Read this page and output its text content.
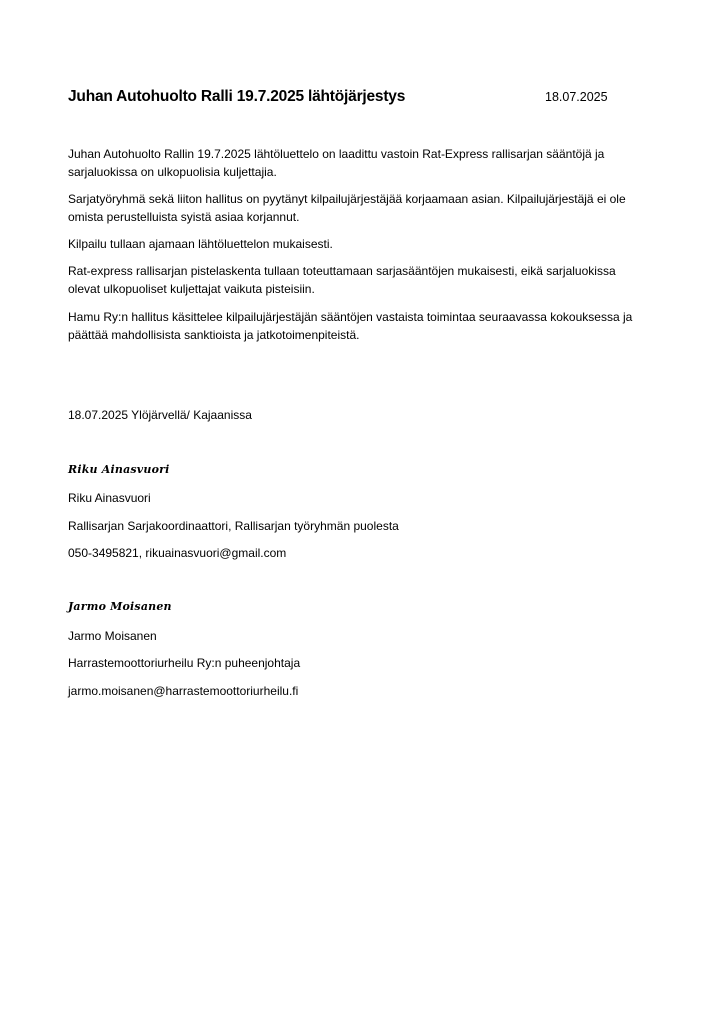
Juhan Autohuolto Ralli 19.7.2025 lähtöjärjestys	18.07.2025
Juhan Autohuolto Rallin 19.7.2025 lähtöluettelo on laadittu vastoin Rat-Express rallisarjan sääntöjä ja sarjaluokissa on ulkopuolisia kuljettajia.
Sarjatyöryhmä sekä liiton hallitus on pyytänyt kilpailujärjestäjää korjaamaan asian. Kilpailujärjestäjä ei ole omista perustelluista syistä asiaa korjannut.
Kilpailu tullaan ajamaan lähtöluettelon mukaisesti.
Rat-express rallisarjan pistelaskenta tullaan toteuttamaan sarjasääntöjen mukaisesti, eikä sarjaluokissa olevat ulkopuoliset kuljettajat vaikuta pisteisiin.
Hamu Ry:n hallitus käsittelee kilpailujärjestäjän sääntöjen vastaista toimintaa seuraavassa kokouksessa ja päättää mahdollisista sanktioista ja jatkotoimenpiteistä.
18.07.2025 Ylöjärvellä/ Kajaanissa
Riku Ainasvuori
Riku Ainasvuori
Rallisarjan Sarjakoordinaattori, Rallisarjan työryhmän puolesta
050-3495821, rikuainasvuori@gmail.com
Jarmo Moisanen
Jarmo Moisanen
Harrastemoottoriurheilu Ry:n puheenjohtaja
jarmo.moisanen@harrastemoottoriurheilu.fi
